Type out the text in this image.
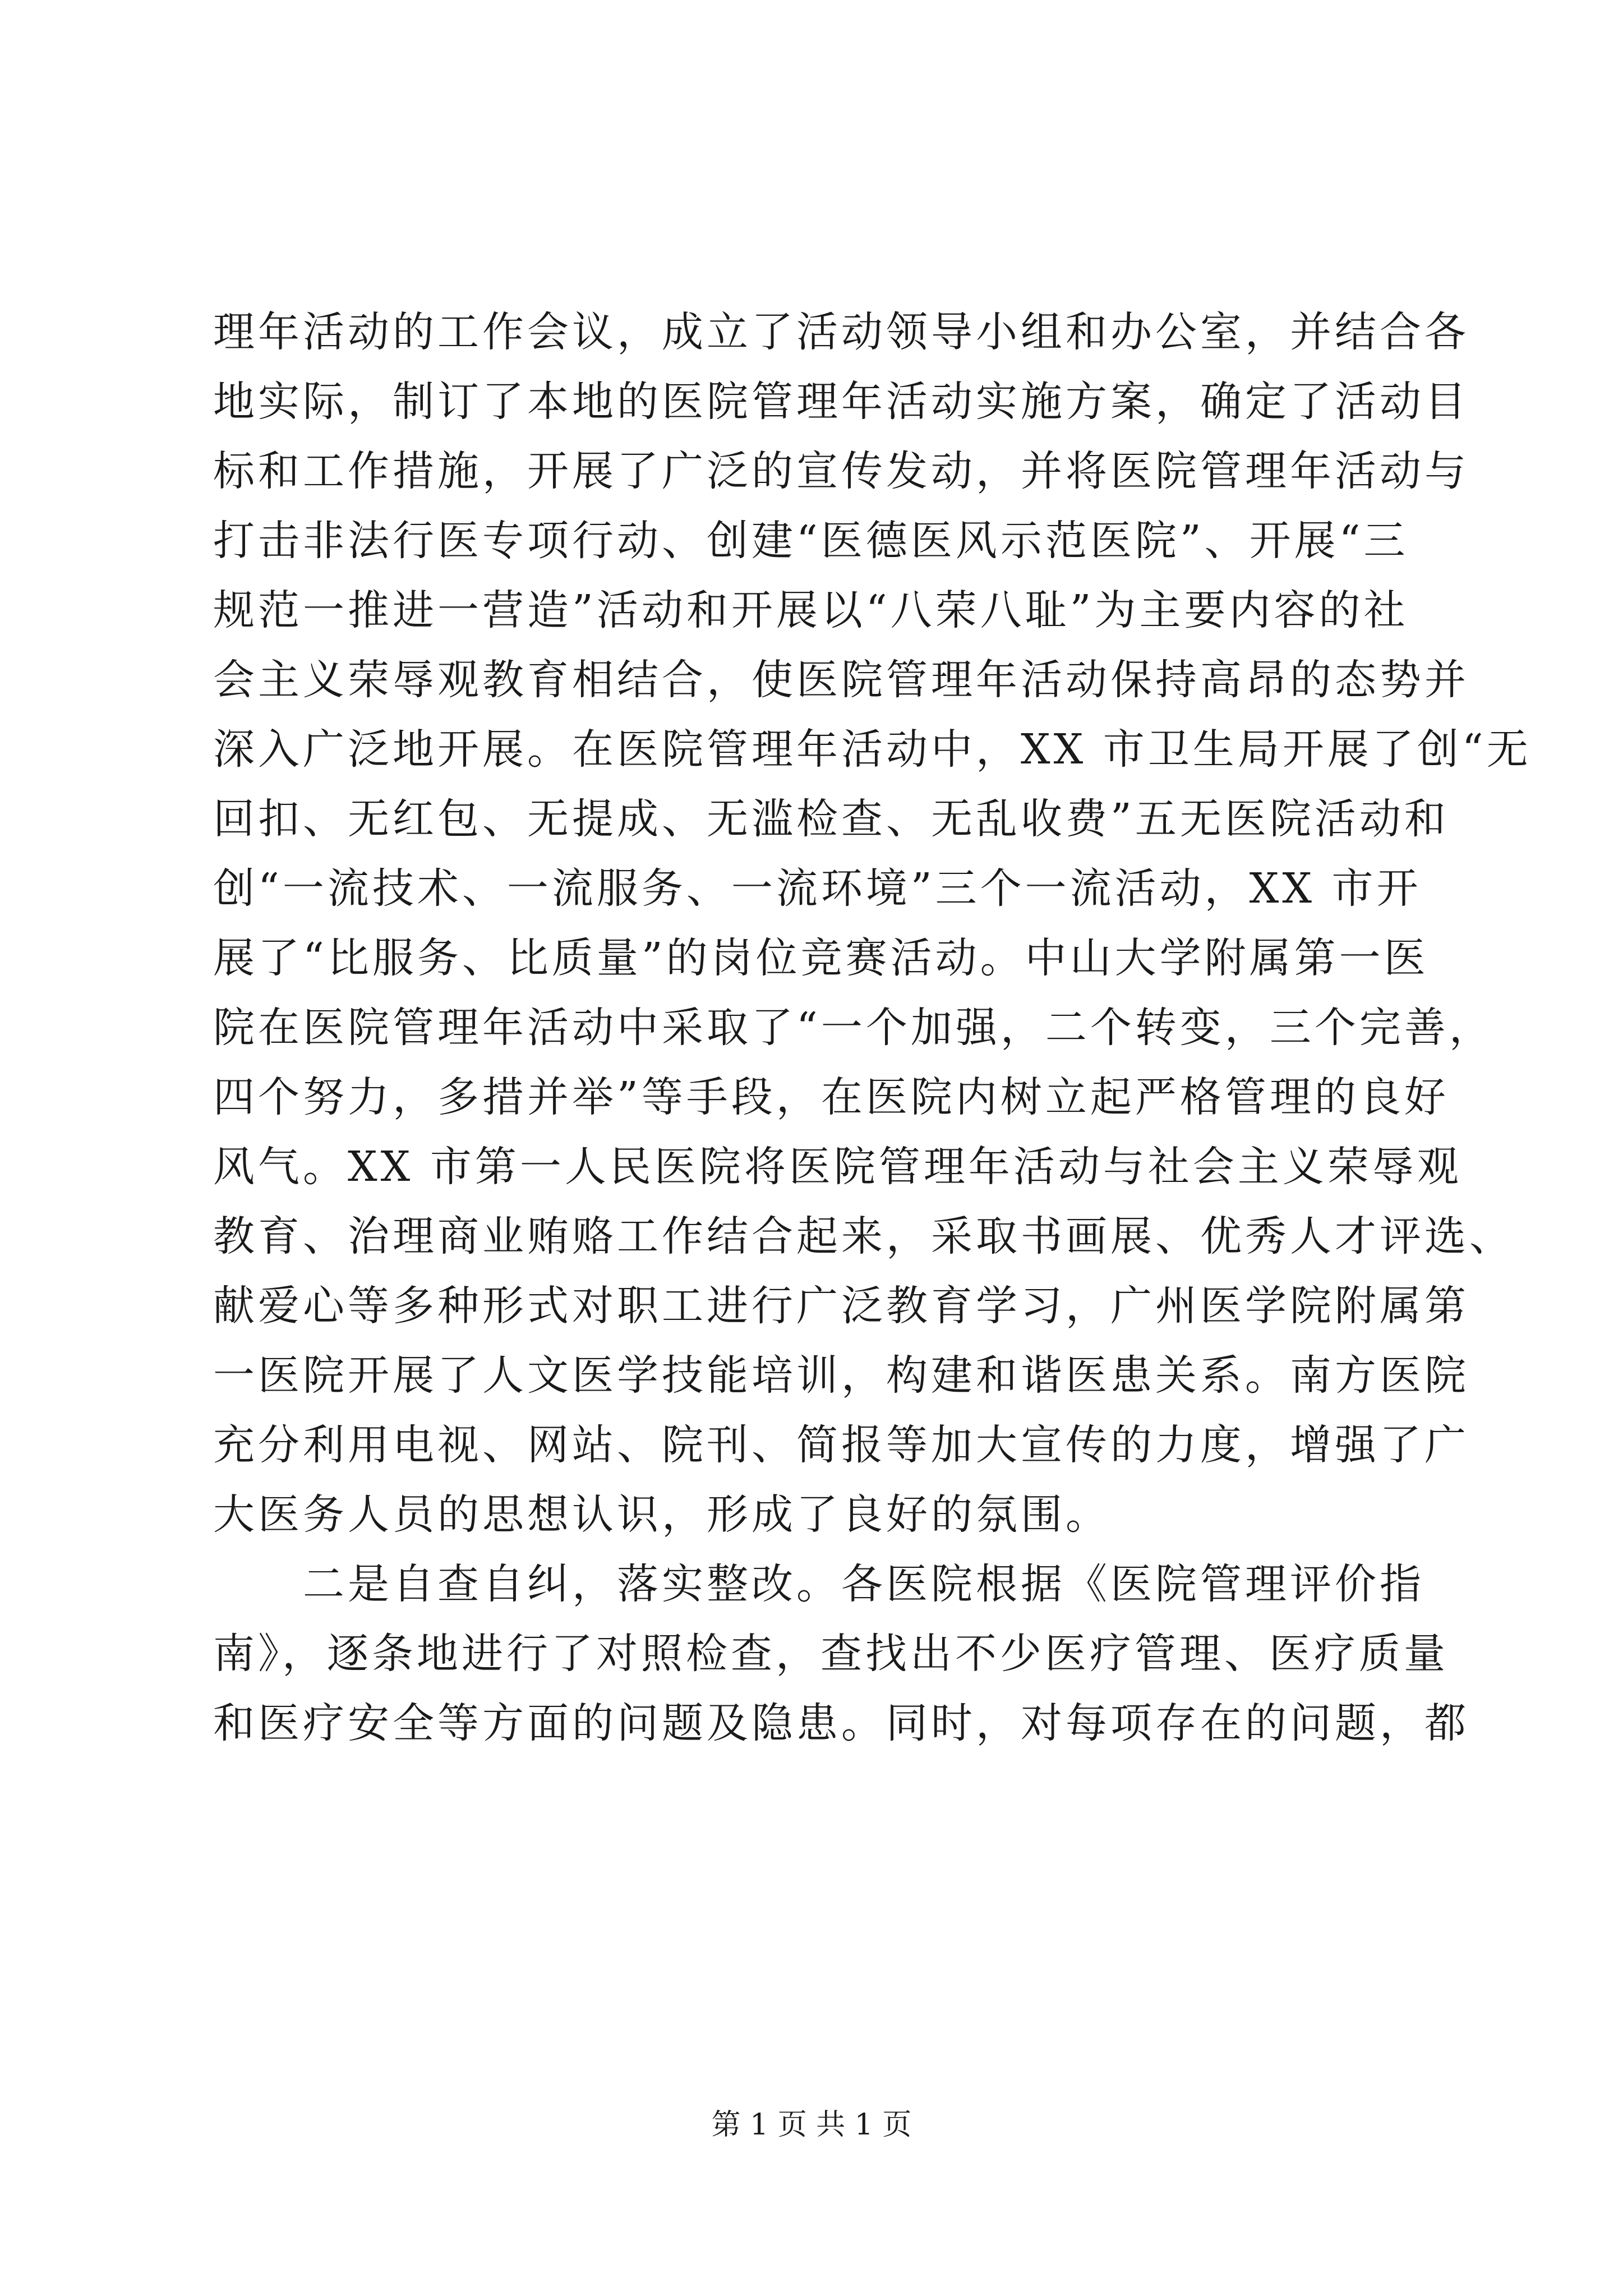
理年活动的工作会议，成立了活动领导小组和办公室，并结合各
地实际，制订了本地的医院管理年活动实施方案，确定了活动目
标和工作措施，开展了广泛的宣传发动，并将医院管理年活动与
打击非法行医专项行动、创建“医德医风示范医院”、开展“三
规范一推进一营造”活动和开展以“八荣八耻”为主要内容的社
会主义荣辱观教育相结合，使医院管理年活动保持高昂的态势并
深入广泛地开展。在医院管理年活动中，XX 市卫生局开展了创“无
回扣、无红包、无提成、无滥检查、无乱收费”五无医院活动和
创“一流技术、一流服务、一流环境”三个一流活动，XX 市开
展了“比服务、比质量”的岗位竞赛活动。中山大学附属第一医
院在医院管理年活动中采取了“一个加强，二个转变，三个完善，
四个努力，多措并举”等手段，在医院内树立起严格管理的良好
风气。XX 市第一人民医院将医院管理年活动与社会主义荣辱观
教育、治理商业贿赂工作结合起来，采取书画展、优秀人才评选、
献爱心等多种形式对职工进行广泛教育学习，广州医学院附属第
一医院开展了人文医学技能培训，构建和谐医患关系。南方医院
充分利用电视、网站、院刊、简报等加大宣传的力度，增强了广
大医务人员的思想认识，形成了良好的氛围。
二是自查自纠，落实整改。各医院根据《医院管理评价指
南》，逐条地进行了对照检查，查找出不少医疗管理、医疗质量
和医疗安全等方面的问题及隐患。同时，对每项存在的问题，都
第 1 页 共 1 页
